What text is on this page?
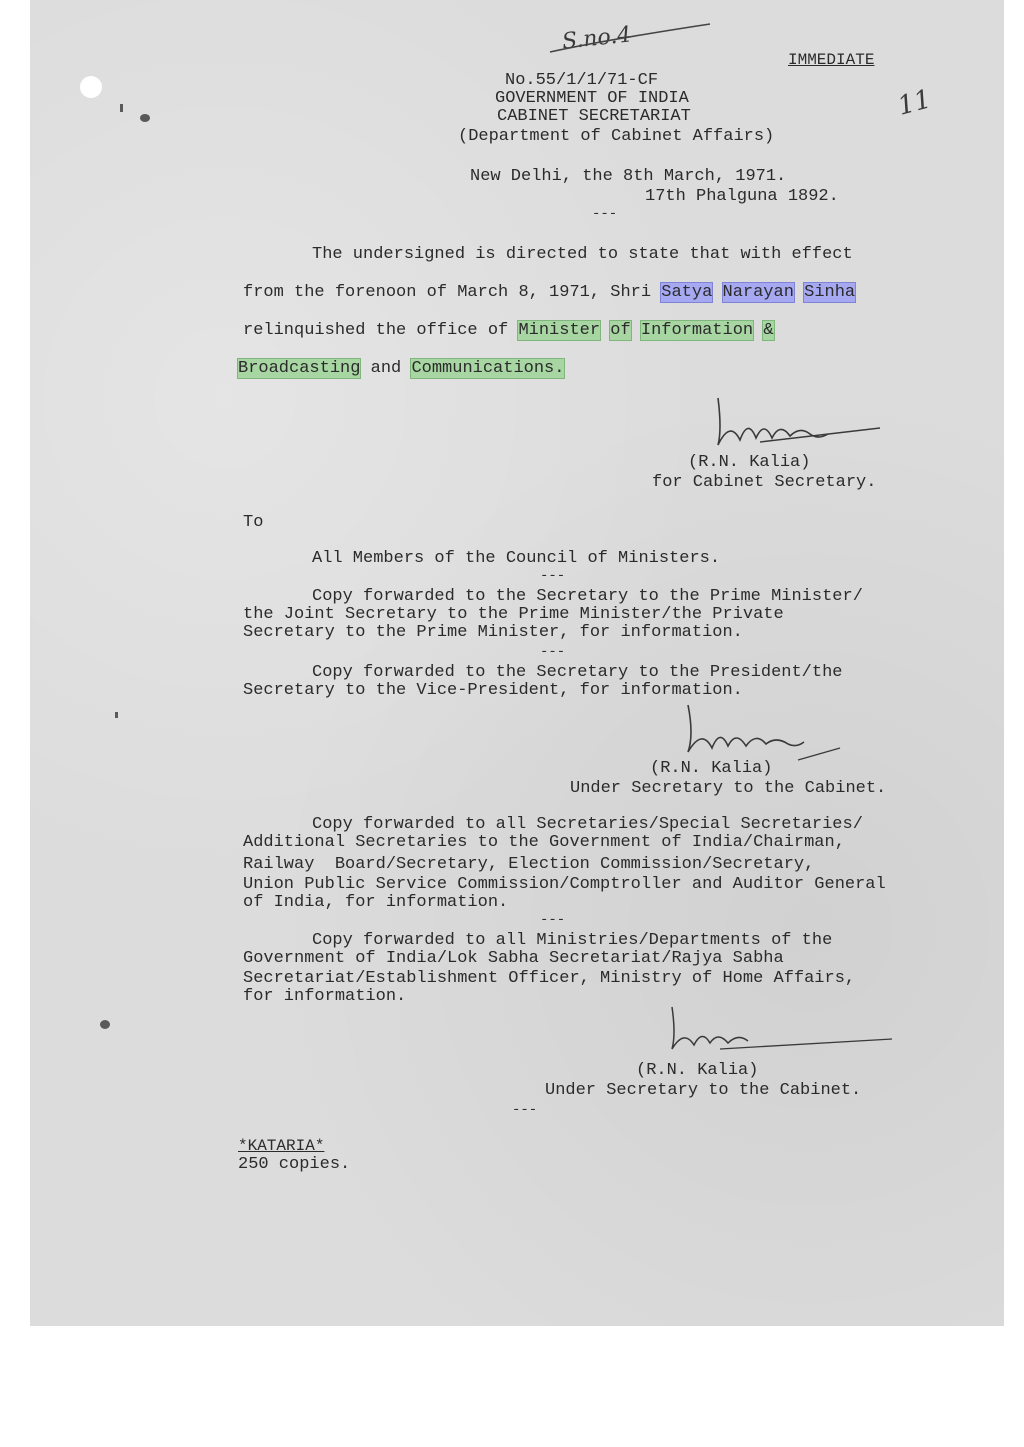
S.no.4
11
IMMEDIATE
No.55/1/1/71-CF
GOVERNMENT OF INDIA
CABINET SECRETARIAT
(Department of Cabinet Affairs)
New Delhi, the 8th March, 1971.
17th Phalguna 1892.
---
The undersigned is directed to state that with effect
from the forenoon of March 8, 1971, Shri Satya Narayan Sinha
relinquished the office of Minister of Information &
Broadcasting and Communications.
(R.N. Kalia)
for Cabinet Secretary.
To
All Members of the Council of Ministers.
---
Copy forwarded to the Secretary to the Prime Minister/
the Joint Secretary to the Prime Minister/the Private
Secretary to the Prime Minister, for information.
---
Copy forwarded to the Secretary to the President/the
Secretary to the Vice-President, for information.
(R.N. Kalia)
Under Secretary to the Cabinet.
Copy forwarded to all Secretaries/Special Secretaries/
Additional Secretaries to the Government of India/Chairman,
Railway  Board/Secretary, Election Commission/Secretary,
Union Public Service Commission/Comptroller and Auditor General
of India, for information.
---
Copy forwarded to all Ministries/Departments of the
Government of India/Lok Sabha Secretariat/Rajya Sabha
Secretariat/Establishment Officer, Ministry of Home Affairs,
for information.
(R.N. Kalia)
Under Secretary to the Cabinet.
---
*KATARIA*
250 copies.
